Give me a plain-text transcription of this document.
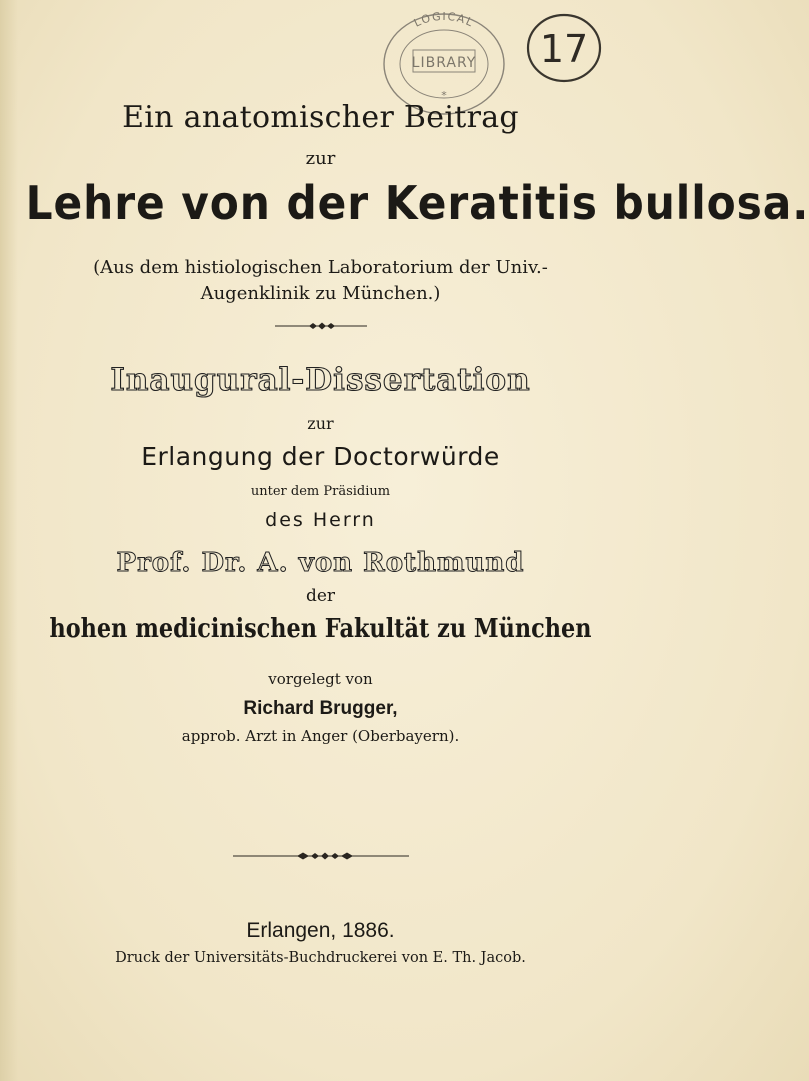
LOGICAL
LIBRARY
*
17
Ein anatomischer Beitrag
zur
Lehre von der Keratitis bullosa.
(Aus dem histiologischen Laboratorium der Univ.-
Augenklinik zu München.)
Inaugural-Dissertation
zur
Erlangung der Doctorwürde
unter dem Präsidium
des Herrn
Prof. Dr. A. von Rothmund
der
hohen medicinischen Fakultät zu München
vorgelegt von
Richard Brugger,
approb. Arzt in Anger (Oberbayern).
Erlangen, 1886.
Druck der Universitäts-Buchdruckerei von E. Th. Jacob.
